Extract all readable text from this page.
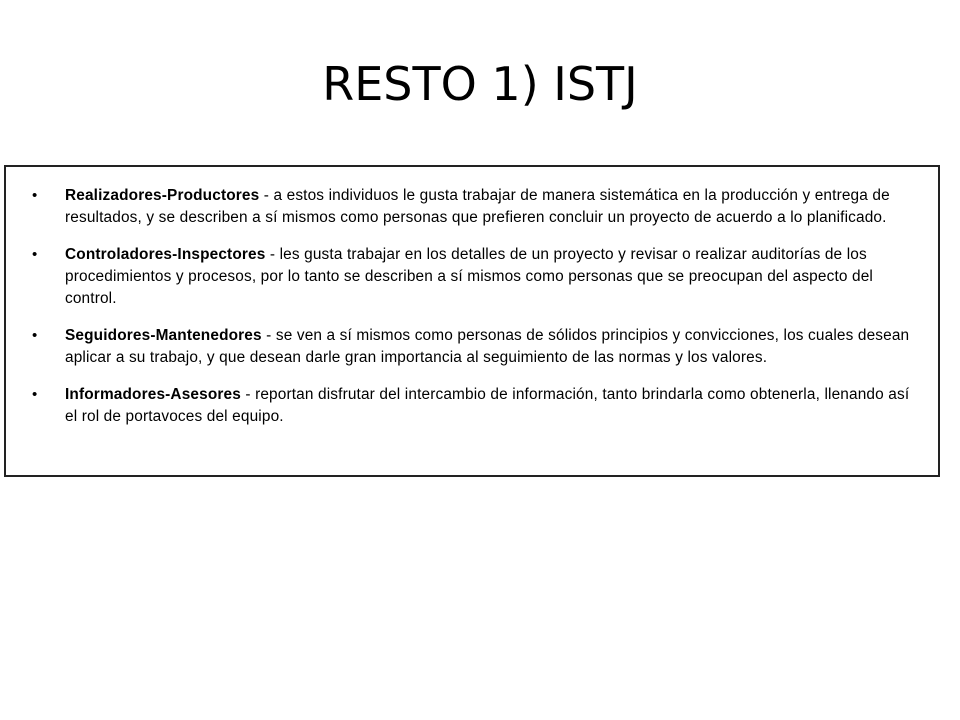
RESTO 1) ISTJ
• Realizadores-Productores - a estos individuos le gusta trabajar de manera sistemática en la producción y entrega de resultados, y se describen a sí mismos como personas que prefieren concluir un proyecto de acuerdo a lo planificado.
• Controladores-Inspectores - les gusta trabajar en los detalles de un proyecto y revisar o realizar auditorías de los procedimientos y procesos, por lo tanto se describen a sí mismos como personas que se preocupan del aspecto del control.
• Seguidores-Mantenedores - se ven a sí mismos como personas de sólidos principios y convicciones, los cuales desean aplicar a su trabajo, y que desean darle gran importancia al seguimiento de las normas y los valores.
• Informadores-Asesores - reportan disfrutar del intercambio de información, tanto brindarla como obtenerla, llenando así el rol de portavoces del equipo.
